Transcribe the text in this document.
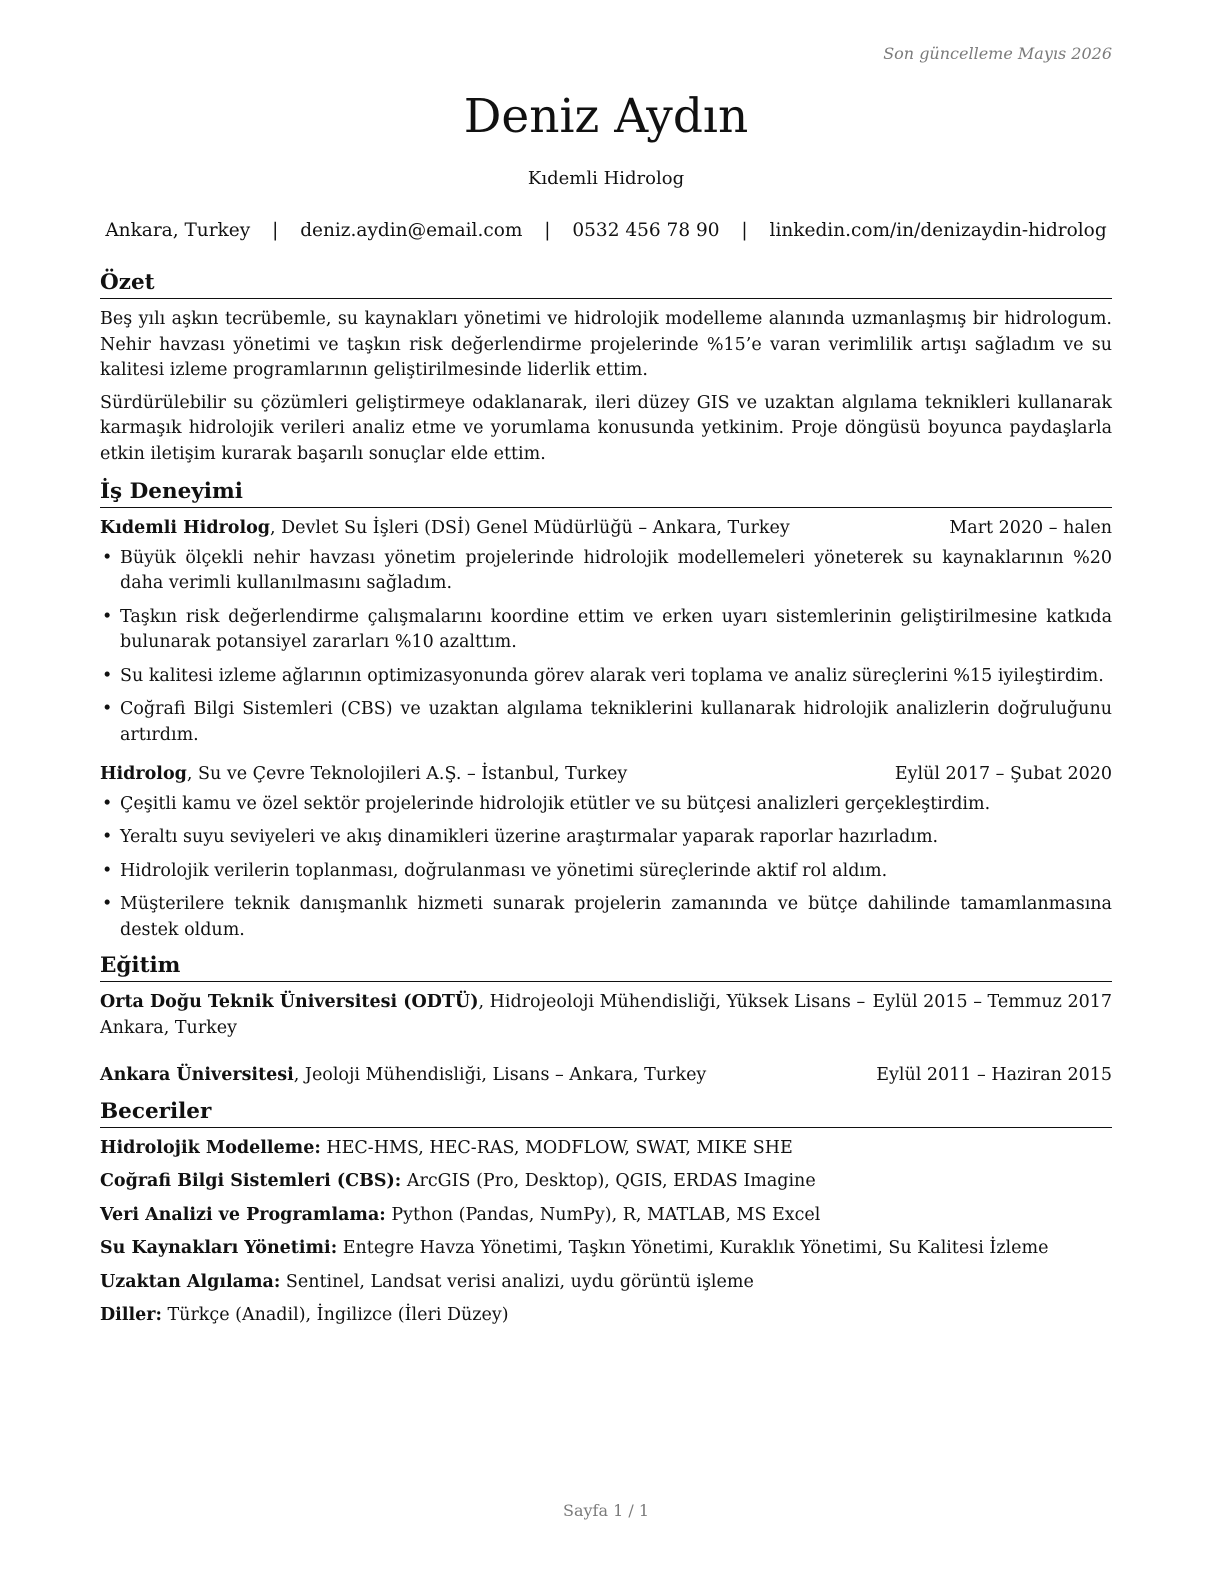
Son güncelleme Mayıs 2026
Deniz Aydın
Kıdemli Hidrolog
Ankara, Turkey | deniz.aydin@email.com | 0532 456 78 90 | linkedin.com/in/denizaydin-hidrolog
Özet

Beş yılı aşkın tecrübemle, su kaynakları yönetimi ve hidrolojik modelleme alanında uzmanlaşmış bir hidrologum. Nehir havzası yönetimi ve taşkın risk değerlendirme projelerinde %15’e varan verimlilik artışı sağladım ve su kalitesi izleme programlarının geliştirilmesinde liderlik ettim.

Sürdürülebilir su çözümleri geliştirmeye odaklanarak, ileri düzey GIS ve uzaktan algılama teknikleri kullanarak karmaşık hidrolojik verileri analiz etme ve yorumlama konusunda yetkinim. Proje döngüsü boyunca paydaşlarla etkin iletişim kurarak başarılı sonuçlar elde ettim.

İş Deneyimi
Kıdemli Hidrolog, Devlet Su İşleri (DSİ) Genel Müdürlüğü – Ankara, Turkey	Mart 2020 – halen
• Büyük ölçekli nehir havzası yönetim projelerinde hidrolojik modellemeleri yöneterek su kaynaklarının %20 daha verimli kullanılmasını sağladım.
• Taşkın risk değerlendirme çalışmalarını koordine ettim ve erken uyarı sistemlerinin geliştirilmesine katkıda bulunarak potansiyel zararları %10 azalttım.
• Su kalitesi izleme ağlarının optimizasyonunda görev alarak veri toplama ve analiz süreçlerini %15 iyileştirdim.
• Coğrafi Bilgi Sistemleri (CBS) ve uzaktan algılama tekniklerini kullanarak hidrolojik analizlerin doğruluğunu artırdım.
Hidrolog, Su ve Çevre Teknolojileri A.Ş. – İstanbul, Turkey	Eylül 2017 – Şubat 2020
• Çeşitli kamu ve özel sektör projelerinde hidrolojik etütler ve su bütçesi analizleri gerçekleştirdim.
• Yeraltı suyu seviyeleri ve akış dinamikleri üzerine araştırmalar yaparak raporlar hazırladım.
• Hidrolojik verilerin toplanması, doğrulanması ve yönetimi süreçlerinde aktif rol aldım.
• Müşterilere teknik danışmanlık hizmeti sunarak projelerin zamanında ve bütçe dahilinde tamamlanmasına destek oldum.
Eğitim
Orta Doğu Teknik Üniversitesi (ODTÜ), Hidrojeoloji Mühendisliği, Yüksek Lisans – Eylül 2015 – Temmuz 2017
Ankara, Turkey
Ankara Üniversitesi, Jeoloji Mühendisliği, Lisans – Ankara, Turkey	Eylül 2011 – Haziran 2015
Beceriler
Hidrolojik Modelleme: HEC-HMS, HEC-RAS, MODFLOW, SWAT, MIKE SHE
Coğrafi Bilgi Sistemleri (CBS): ArcGIS (Pro, Desktop), QGIS, ERDAS Imagine
Veri Analizi ve Programlama: Python (Pandas, NumPy), R, MATLAB, MS Excel
Su Kaynakları Yönetimi: Entegre Havza Yönetimi, Taşkın Yönetimi, Kuraklık Yönetimi, Su Kalitesi İzleme
Uzaktan Algılama: Sentinel, Landsat verisi analizi, uydu görüntü işleme
Diller: Türkçe (Anadil), İngilizce (İleri Düzey)
Sayfa 1 / 1
